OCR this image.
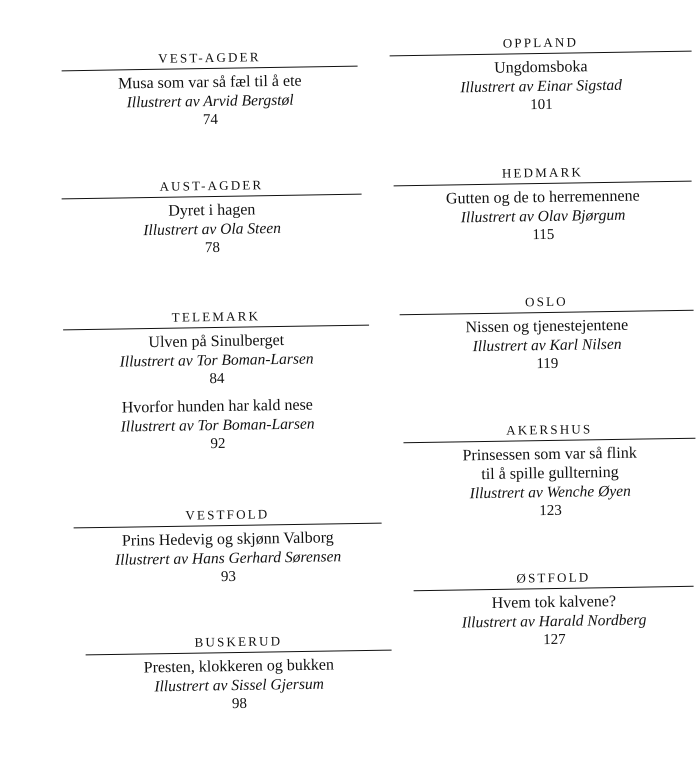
VEST-AGDER
Musa som var så fæl til å ete
Illustrert av Arvid Bergstøl
74
AUST-AGDER
Dyret i hagen
Illustrert av Ola Steen
78
TELEMARK
Ulven på Sinulberget
Illustrert av Tor Boman-Larsen
84
Hvorfor hunden har kald nese
Illustrert av Tor Boman-Larsen
92
VESTFOLD
Prins Hedevig og skjønn Valborg
Illustrert av Hans Gerhard Sørensen
93
BUSKERUD
Presten, klokkeren og bukken
Illustrert av Sissel Gjersum
98
OPPLAND
Ungdomsboka
Illustrert av Einar Sigstad
101
HEDMARK
Gutten og de to herremennene
Illustrert av Olav Bjørgum
115
OSLO
Nissen og tjenestejentene
Illustrert av Karl Nilsen
119
AKERSHUS
Prinsessen som var så flink
til å spille gullterning
Illustrert av Wenche Øyen
123
ØSTFOLD
Hvem tok kalvene?
Illustrert av Harald Nordberg
127
